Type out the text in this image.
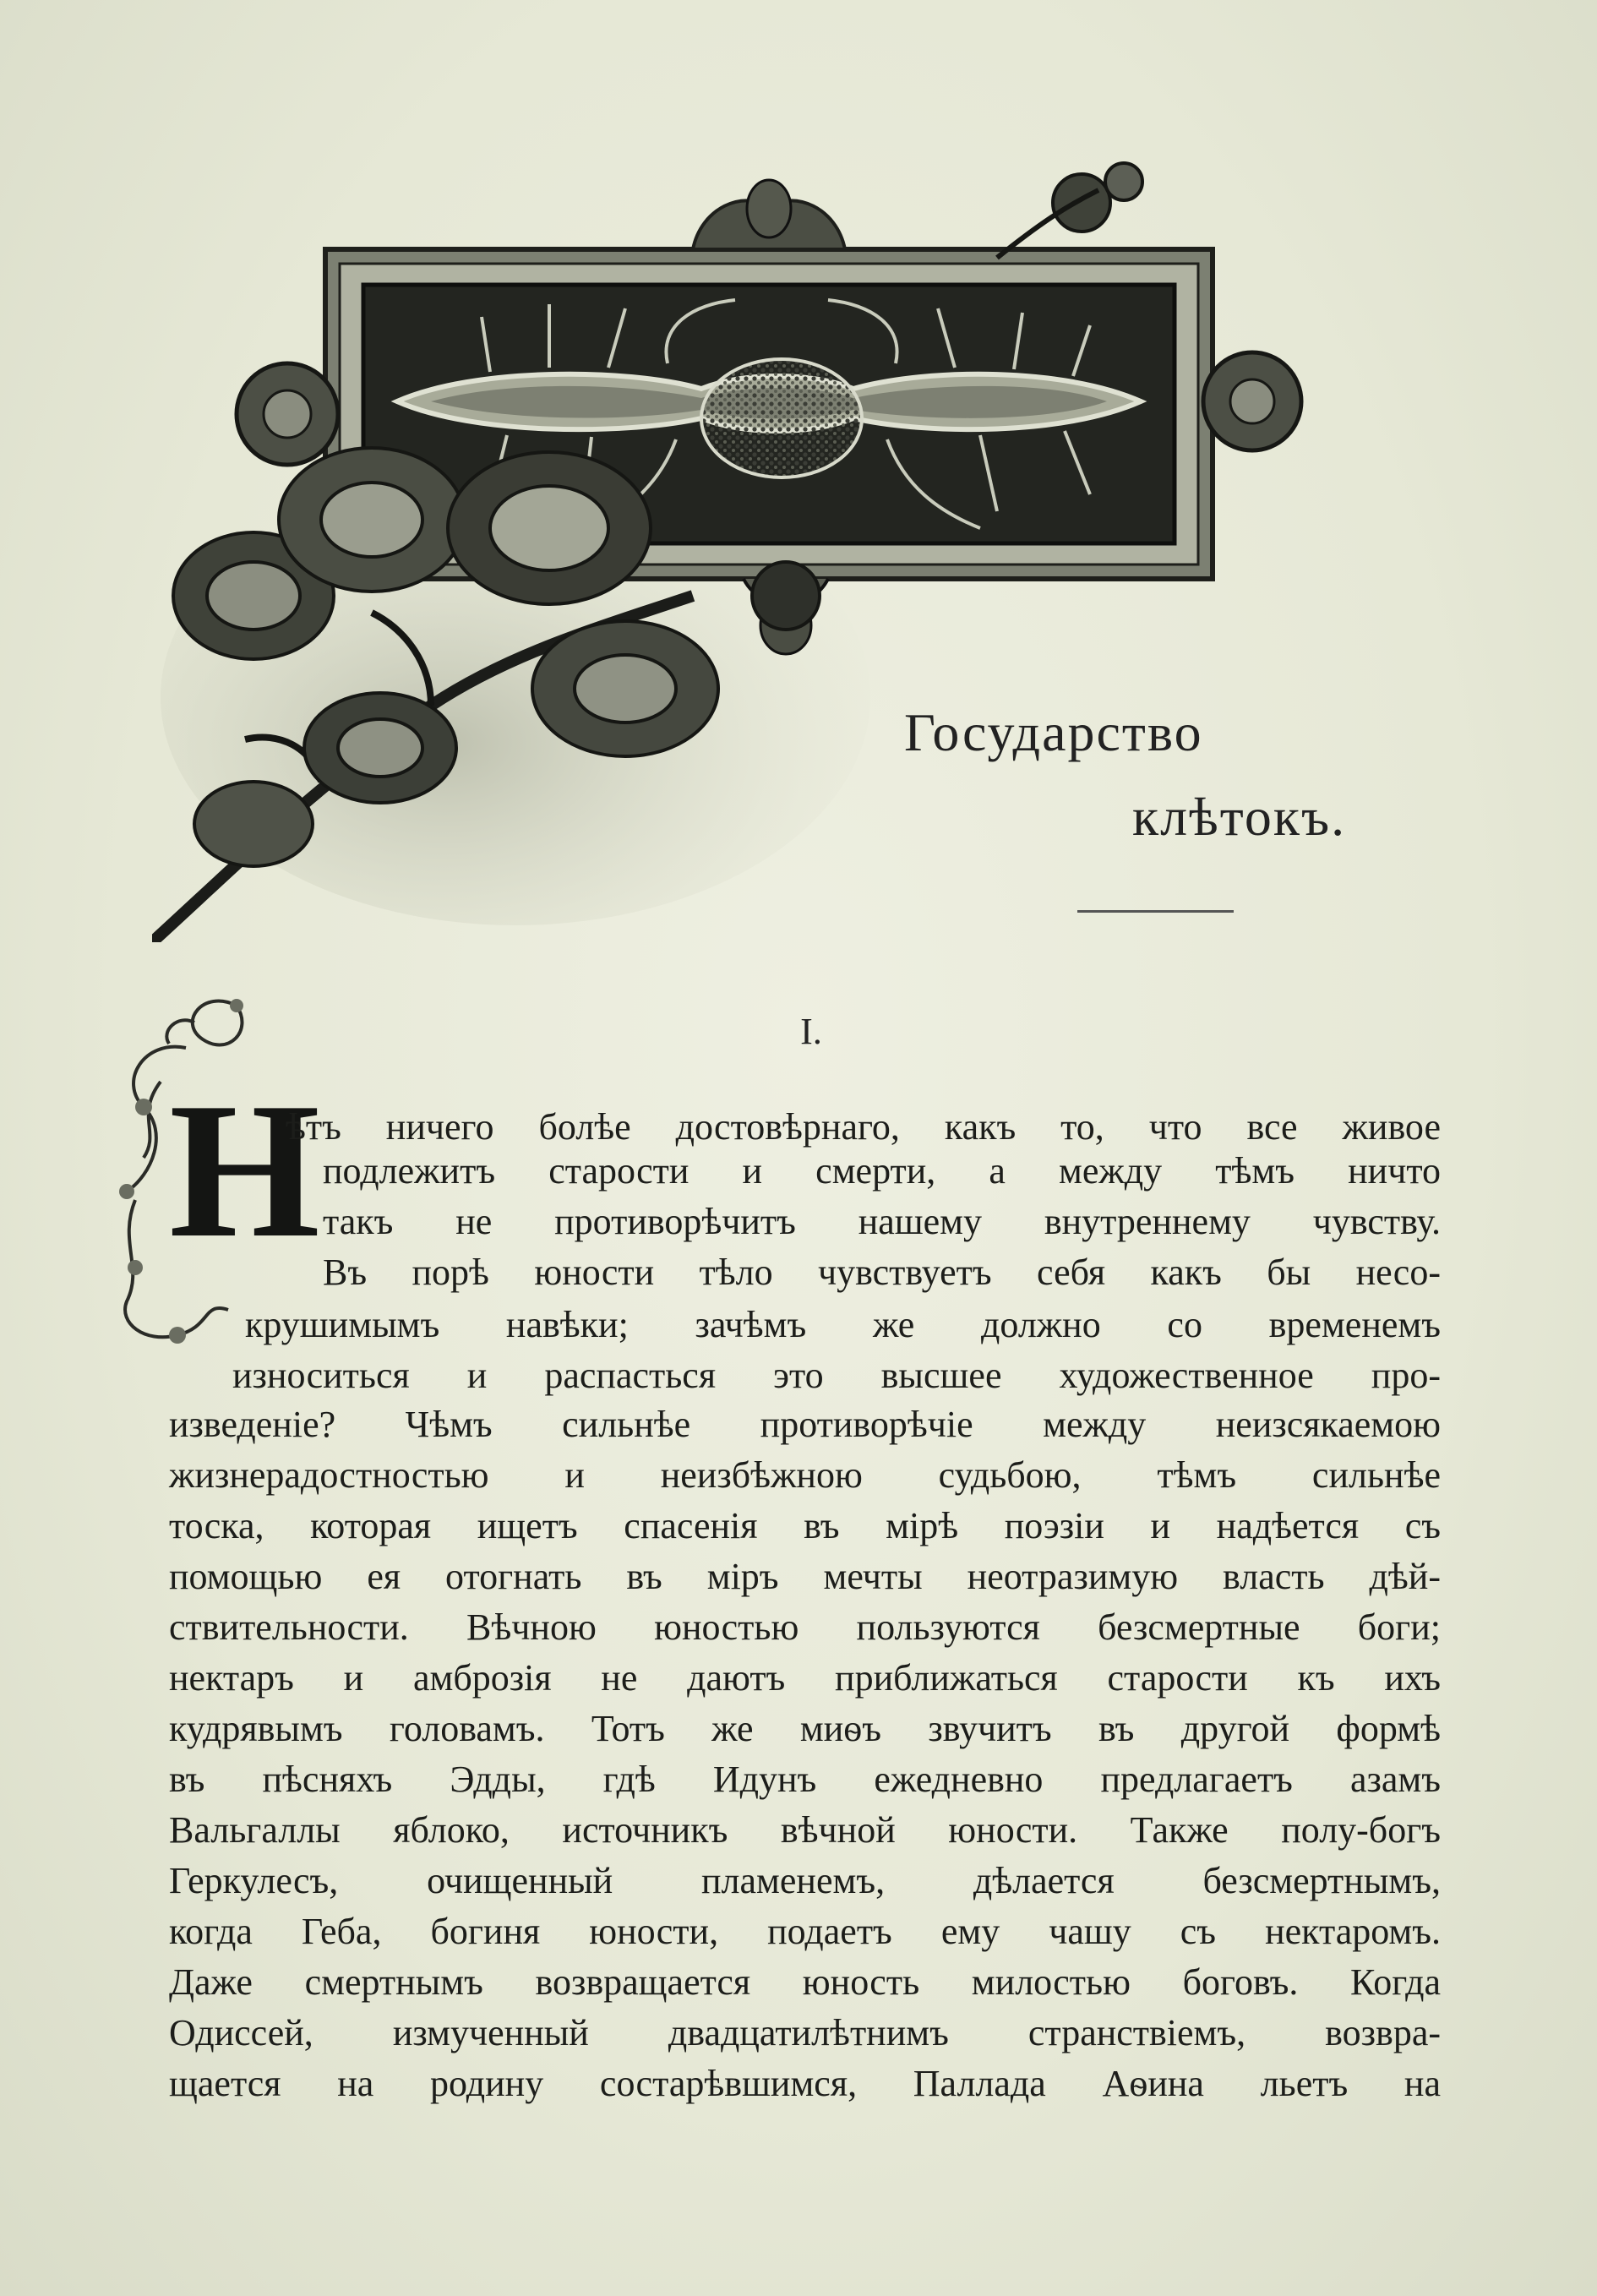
Государство
клѣтокъ.
I.
Н
ѣтъ ничего болѣе достовѣрнаго, какъ то, что все живое
подлежитъ старости и смерти, а между тѣмъ ничто
такъ не противорѣчитъ нашему внутреннему чувству.
Въ порѣ юности тѣло чувствуетъ себя какъ бы несо-
крушимымъ навѣки; зачѣмъ же должно со временемъ
износиться и распасться это высшее художественное про-
изведеніе? Чѣмъ сильнѣе противорѣчіе между неизсякаемою
жизнерадостностью и неизбѣжною судьбою, тѣмъ сильнѣе
тоска, которая ищетъ спасенія въ мірѣ поэзіи и надѣется съ
помощью ея отогнать въ міръ мечты неотразимую власть дѣй-
ствительности. Вѣчною юностью пользуются безсмертные боги;
нектаръ и амброзія не даютъ приближаться старости къ ихъ
кудрявымъ головамъ. Тотъ же миѳъ звучитъ въ другой формѣ
въ пѣсняхъ Эдды, гдѣ Идунъ ежедневно предлагаетъ азамъ
Вальгаллы яблоко, источникъ вѣчной юности. Также полу-богъ
Геркулесъ, очищенный пламенемъ, дѣлается безсмертнымъ,
когда Геба, богиня юности, подаетъ ему чашу съ нектаромъ.
Даже смертнымъ возвращается юность милостью боговъ. Когда
Одиссей, измученный двадцатилѣтнимъ странствіемъ, возвра-
щается на родину состарѣвшимся, Паллада Аѳина льетъ на
